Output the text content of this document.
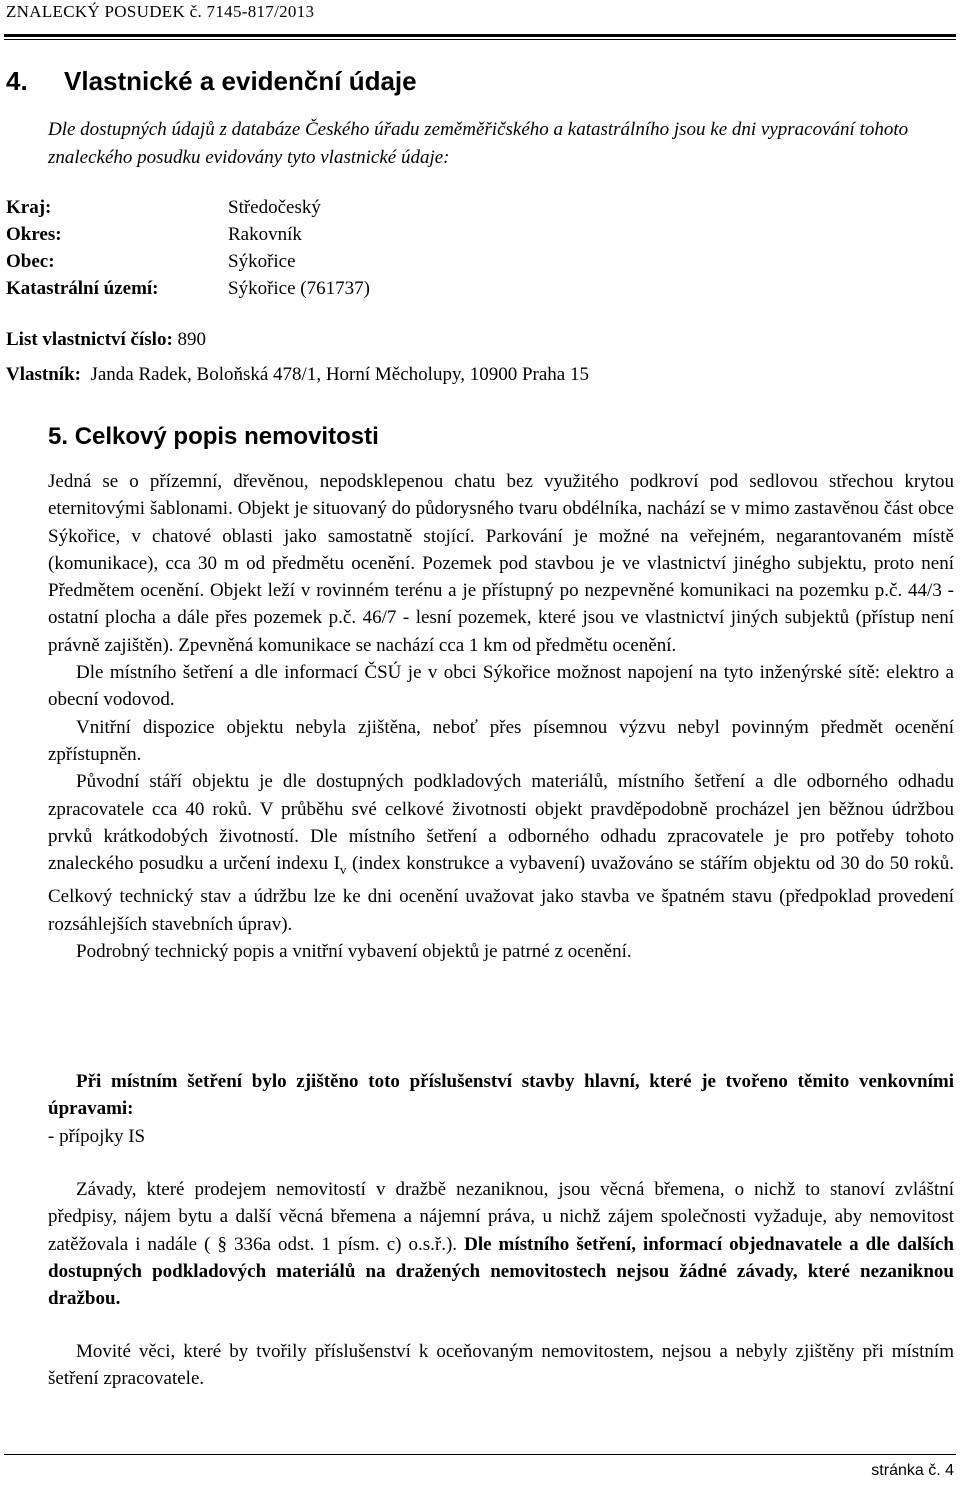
ZNALECKÝ POSUDEK č. 7145-817/2013
4. Vlastnické a evidenční údaje
Dle dostupných údajů z databáze Českého úřadu zeměměřičského a katastrálního jsou ke dni vypracování tohoto znaleckého posudku evidovány tyto vlastnické údaje:
Kraj:	Středočeský
Okres:	Rakovník
Obec:	Sýkořice
Katastrální území:	Sýkořice (761737)
List vlastnictví číslo: 890
Vlastník: Janda Radek, Boloňská 478/1, Horní Měcholupy, 10900 Praha 15
5. Celkový popis nemovitosti

Jedná se o přízemní, dřevěnou, nepodsklepenou chatu bez využitého podkroví pod sedlovou střechou krytou eternitovými šablonami. Objekt je situovaný do půdorysného tvaru obdélníka, nachází se v mimo zastavěnou část obce Sýkořice, v chatové oblasti jako samostatně stojící. Parkování je možné na veřejném, negarantovaném místě (komunikace), cca 30 m od předmětu ocenění. Pozemek pod stavbou je ve vlastnictví jinégho subjektu, proto není Předmětem ocenění. Objekt leží v rovinném terénu a je přístupný po nezpevněné komunikaci na pozemku p.č. 44/3 - ostatní plocha a dále přes pozemek p.č. 46/7 - lesní pozemek, které jsou ve vlastnictví jiných subjektů (přístup není právně zajištěn). Zpevněná komunikace se nachází cca 1 km od předmětu ocenění.

Dle místního šetření a dle informací ČSÚ je v obci Sýkořice možnost napojení na tyto inženýrské sítě: elektro a obecní vodovod.

Vnitřní dispozice objektu nebyla zjištěna, neboť přes písemnou výzvu nebyl povinným předmět ocenění zpřístupněn.

Původní stáří objektu je dle dostupných podkladových materiálů, místního šetření a dle odborného odhadu zpracovatele cca 40 roků. V průběhu své celkové životnosti objekt pravděpodobně procházel jen běžnou údržbou prvků krátkodobých životností. Dle místního šetření a odborného odhadu zpracovatele je pro potřeby tohoto znaleckého posudku a určení indexu $I_v$ (index konstrukce a vybavení) uvažováno se stářím objektu od 30 do 50 roků. Celkový technický stav a údržbu lze ke dni ocenění uvažovat jako stavba ve špatném stavu (předpoklad provedení rozsáhlejších stavebních úprav).

Podrobný technický popis a vnitřní vybavení objektů je patrné z ocenění.

Při místním šetření bylo zjištěno toto příslušenství stavby hlavní, které je tvořeno těmito venkovními úpravami:

- přípojky IS

Závady, které prodejem nemovitostí v dražbě nezaniknou, jsou věcná břemena, o nichž to stanoví zvláštní předpisy, nájem bytu a další věcná břemena a nájemní práva, u nichž zájem společnosti vyžaduje, aby nemovitost zatěžovala i nadále ( § 336a odst. 1 písm. c) o.s.ř.). Dle místního šetření, informací objednavatele a dle dalších dostupných podkladových materiálů na dražených nemovitostech nejsou žádné závady, které nezaniknou dražbou.

Movité věci, které by tvořily příslušenství k oceňovaným nemovitostem, nejsou a nebyly zjištěny při místním šetření zpracovatele.

stránka č. 4
